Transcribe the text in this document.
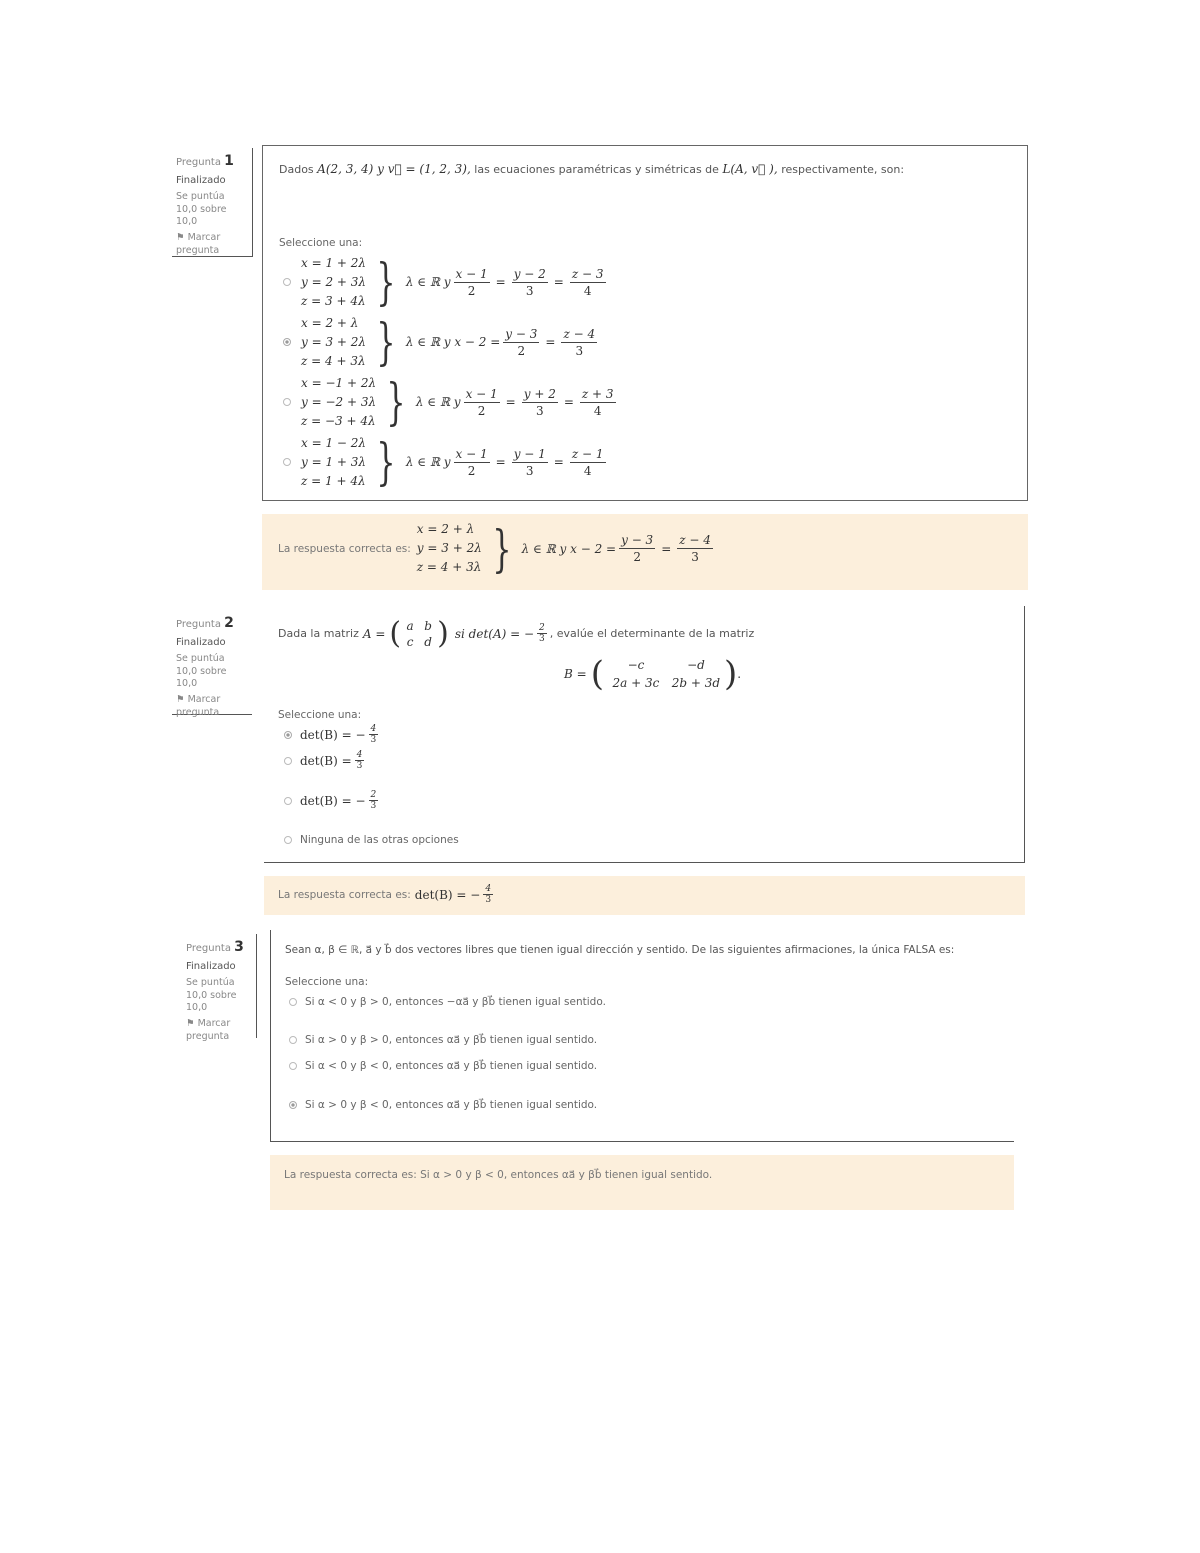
Pregunta 1
Finalizado
Se puntúa 10,0 sobre 10,0
⚑ Marcar pregunta
Dados A(2, 3, 4) y v⃗ = (1, 2, 3), las ecuaciones paramétricas y simétricas de L(A, v⃗ ), respectivamente, son:
Seleccione una:
x = 1 + 2λ
y = 2 + 3λ
z = 3 + 4λ } λ ∈ ℝ y $\frac{x - 1}{2} = \frac{y - 2}{3} = \frac{z - 3}{4}$
x = 2 + λ
y = 3 + 2λ
z = 4 + 3λ } λ ∈ ℝ y $x - 2 = \frac{y - 3}{2} = \frac{z - 4}{3}$
x = −1 + 2λ
y = −2 + 3λ
z = −3 + 4λ } λ ∈ ℝ y $\frac{x - 1}{2} = \frac{y + 2}{3} = \frac{z + 3}{4}$
x = 1 − 2λ
y = 1 + 3λ
z = 1 + 4λ } λ ∈ ℝ y $\frac{x - 1}{2} = \frac{y - 1}{3} = \frac{z - 1}{4}$
La respuesta correcta es:
x = 2 + λ
y = 3 + 2λ
z = 4 + 3λ } λ ∈ ℝ y $x - 2 = \frac{y - 3}{2} = \frac{z - 4}{3}$
Pregunta 2
Finalizado
Se puntúa 10,0 sobre 10,0
⚑ Marcar pregunta
Dada la matriz A = ( a b
c d ) si det(A) = − $\frac{2}{3}$ , evalúe el determinante de la matriz
B = (	−c	−d
2a + 3c	2b + 3d ) .
Seleccione una:
det(B) = − $\frac{4}{3}$
$\det(B) = \frac{4}{3}$
det(B) = − $\frac{2}{3}$
Ninguna de las otras opciones
La respuesta correcta es: det(B) = − $\frac{4}{3}$
Pregunta 3
Finalizado
Se puntúa 10,0 sobre 10,0
⚑ Marcar pregunta
Sean α, β ∈ ℝ, a⃗ y b⃗ dos vectores libres que tienen igual dirección y sentido. De las siguientes afirmaciones, la única FALSA es:
Seleccione una:
Si α < 0 y β > 0, entonces −αa⃗ y βb⃗ tienen igual sentido.
Si α > 0 y β > 0, entonces αa⃗ y βb⃗ tienen igual sentido.
Si α < 0 y β < 0, entonces αa⃗ y βb⃗ tienen igual sentido.
Si α > 0 y β < 0, entonces αa⃗ y βb⃗ tienen igual sentido.
La respuesta correcta es: Si α > 0 y β < 0, entonces αa⃗ y βb⃗ tienen igual sentido.
